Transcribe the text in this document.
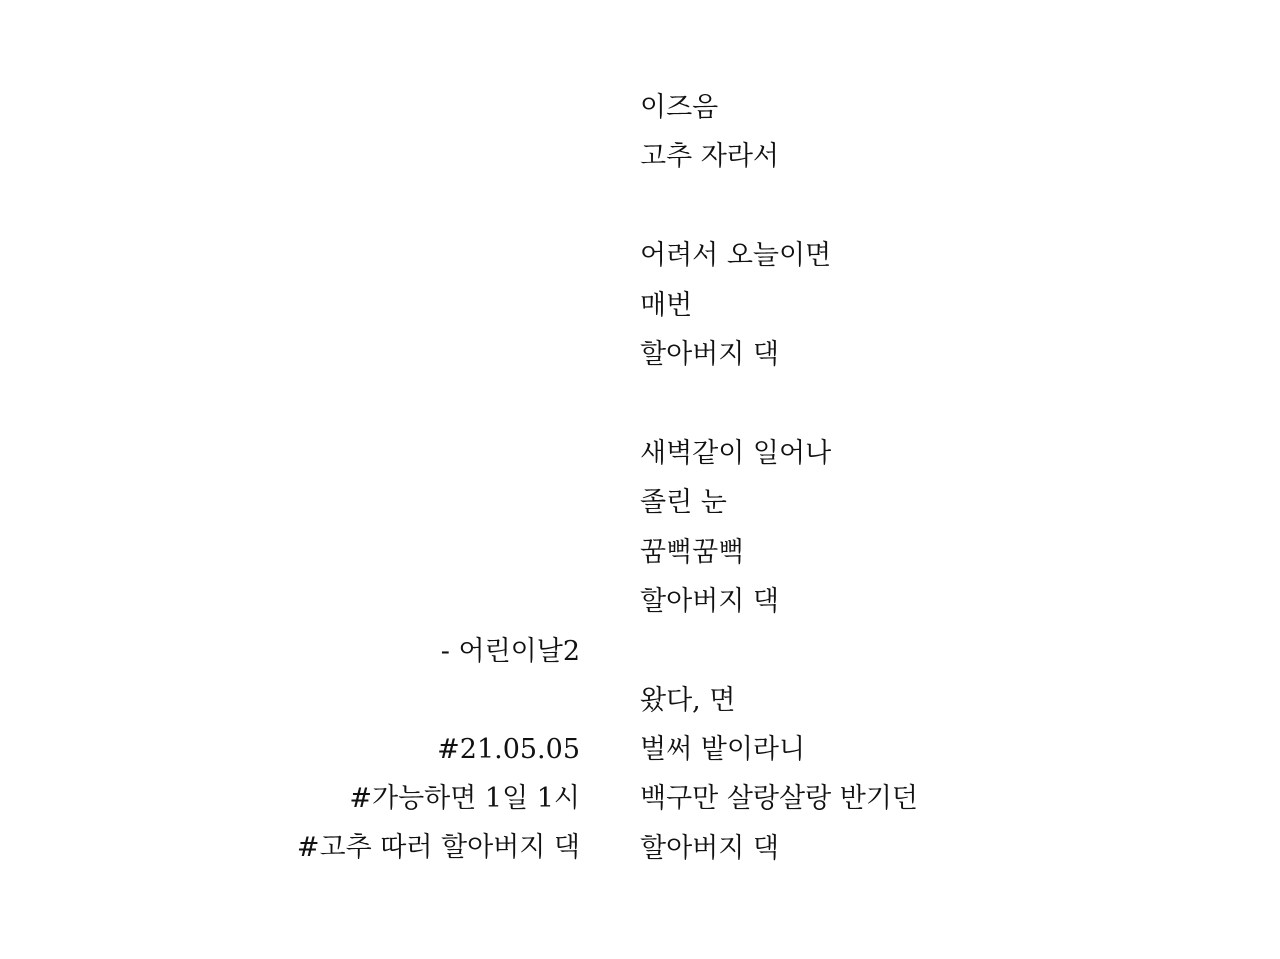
이즈음
고추 자라서
어려서 오늘이면
매번
할아버지 댁
새벽같이 일어나
졸린 눈
꿈뻑꿈뻑
할아버지 댁
왔다, 면
벌써 밭이라니
백구만 살랑살랑 반기던
할아버지 댁
- 어린이날2
#21.05.05
#가능하면 1일 1시
#고추 따러 할아버지 댁
